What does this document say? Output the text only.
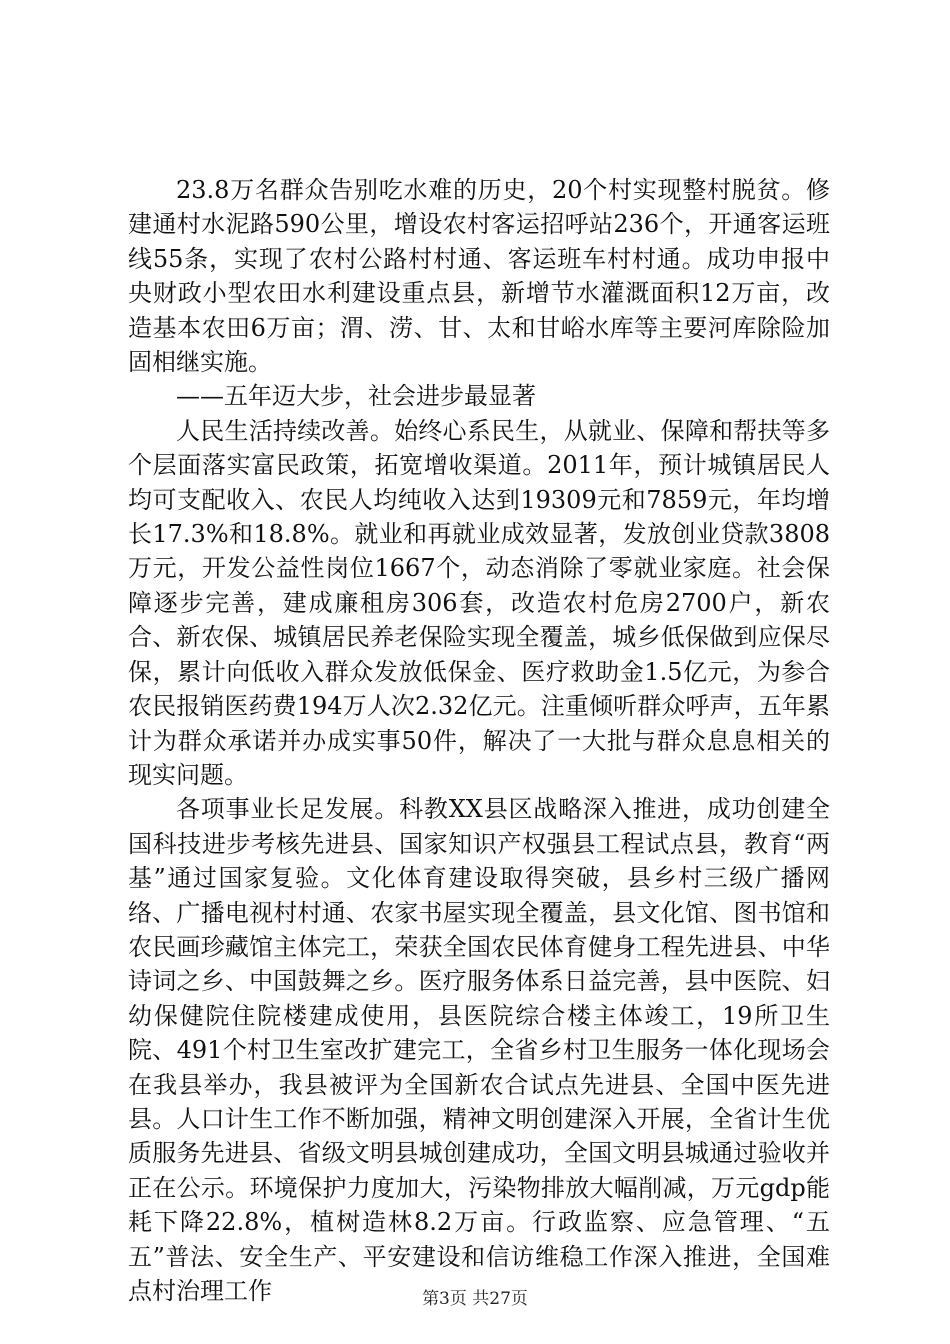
23.8万名群众告别吃水难的历史，20个村实现整村脱贫。修建通村水泥路590公里，增设农村客运招呼站236个，开通客运班线55条，实现了农村公路村村通、客运班车村村通。成功申报中央财政小型农田水利建设重点县，新增节水灌溉面积12万亩，改造基本农田6万亩；渭、涝、甘、太和甘峪水库等主要河库除险加固相继实施。

——五年迈大步，社会进步最显著

人民生活持续改善。始终心系民生，从就业、保障和帮扶等多个层面落实富民政策，拓宽增收渠道。2011年，预计城镇居民人均可支配收入、农民人均纯收入达到19309元和7859元，年均增长17.3%和18.8%。就业和再就业成效显著，发放创业贷款3808万元，开发公益性岗位1667个，动态消除了零就业家庭。社会保障逐步完善，建成廉租房306套，改造农村危房2700户，新农合、新农保、城镇居民养老保险实现全覆盖，城乡低保做到应保尽保，累计向低收入群众发放低保金、医疗救助金1.5亿元，为参合农民报销医药费194万人次2.32亿元。注重倾听群众呼声，五年累计为群众承诺并办成实事50件，解决了一大批与群众息息相关的现实问题。

各项事业长足发展。科教XX县区战略深入推进，成功创建全国科技进步考核先进县、国家知识产权强县工程试点县，教育“两基”通过国家复验。文化体育建设取得突破，县乡村三级广播网络、广播电视村村通、农家书屋实现全覆盖，县文化馆、图书馆和农民画珍藏馆主体完工，荣获全国农民体育健身工程先进县、中华诗词之乡、中国鼓舞之乡。医疗服务体系日益完善，县中医院、妇幼保健院住院楼建成使用，县医院综合楼主体竣工，19所卫生院、491个村卫生室改扩建完工，全省乡村卫生服务一体化现场会在我县举办，我县被评为全国新农合试点先进县、全国中医先进县。人口计生工作不断加强，精神文明创建深入开展，全省计生优质服务先进县、省级文明县城创建成功，全国文明县城通过验收并正在公示。环境保护力度加大，污染物排放大幅削减，万元gdp能耗下降22.8%，植树造林8.2万亩。行政监察、应急管理、“五五”普法、安全生产、平安建设和信访维稳工作深入推进，全国难点村治理工作	第3页 共27页
